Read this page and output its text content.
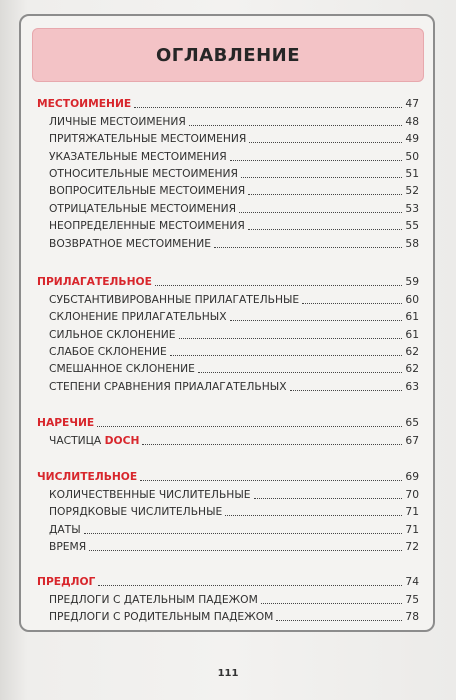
ОГЛАВЛЕНИЕ
МЕСТОИМЕНИЕ	47
ЛИЧНЫЕ МЕСТОИМЕНИЯ	48
ПРИТЯЖАТЕЛЬНЫЕ МЕСТОИМЕНИЯ	49
УКАЗАТЕЛЬНЫЕ МЕСТОИМЕНИЯ	50
ОТНОСИТЕЛЬНЫЕ МЕСТОИМЕНИЯ	51
ВОПРОСИТЕЛЬНЫЕ МЕСТОИМЕНИЯ	52
ОТРИЦАТЕЛЬНЫЕ МЕСТОИМЕНИЯ	53
НЕОПРЕДЕЛЕННЫЕ МЕСТОИМЕНИЯ	55
ВОЗВРАТНОЕ МЕСТОИМЕНИЕ	58
ПРИЛАГАТЕЛЬНОЕ	59
СУБСТАНТИВИРОВАННЫЕ ПРИЛАГАТЕЛЬНЫЕ	60
СКЛОНЕНИЕ ПРИЛАГАТЕЛЬНЫХ	61
СИЛЬНОЕ СКЛОНЕНИЕ	61
СЛАБОЕ СКЛОНЕНИЕ	62
СМЕШАННОЕ СКЛОНЕНИЕ	62
СТЕПЕНИ СРАВНЕНИЯ ПРИАЛАГАТЕЛЬНЫХ	63
НАРЕЧИЕ	65
ЧАСТИЦА DOCH	67
ЧИСЛИТЕЛЬНОЕ	69
КОЛИЧЕСТВЕННЫЕ ЧИСЛИТЕЛЬНЫЕ	70
ПОРЯДКОВЫЕ ЧИСЛИТЕЛЬНЫЕ	71
ДАТЫ	71
ВРЕМЯ	72
ПРЕДЛОГ	74
ПРЕДЛОГИ С ДАТЕЛЬНЫМ ПАДЕЖОМ	75
ПРЕДЛОГИ С РОДИТЕЛЬНЫМ ПАДЕЖОМ	78
111
